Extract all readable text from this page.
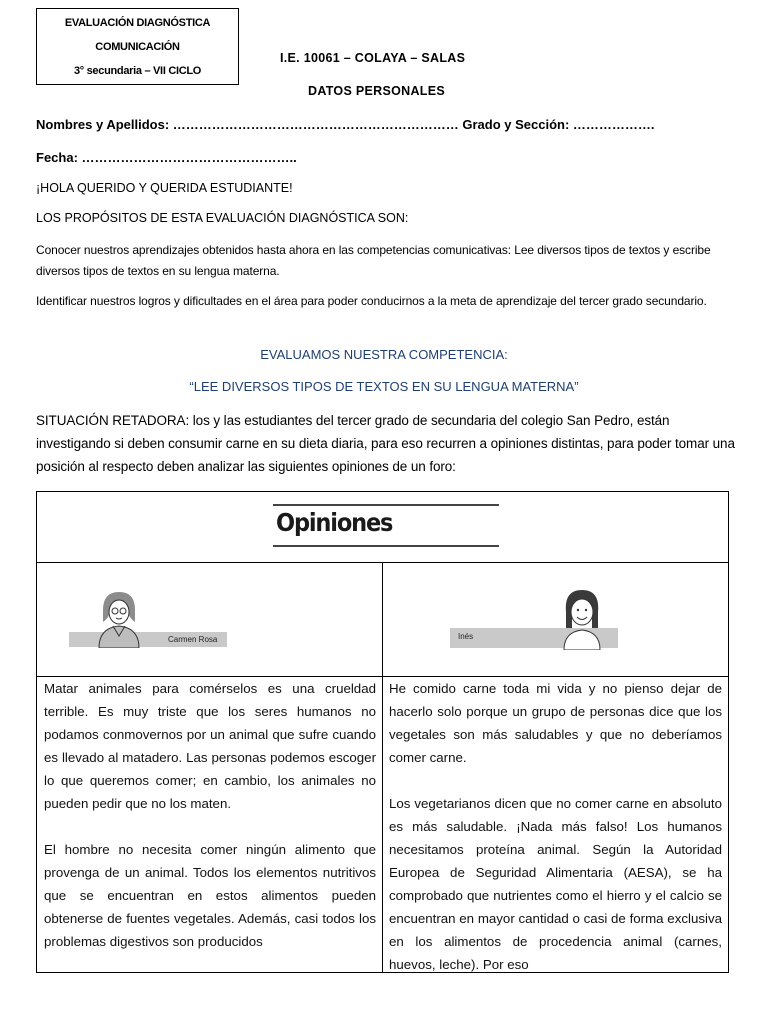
EVALUACIÓN DIAGNÓSTICA
COMUNICACIÓN
3° secundaria – VII CICLO
I.E. 10061 – COLAYA – SALAS
DATOS PERSONALES
Nombres y Apellidos: ………………………………………………………… Grado y Sección: ……………….
Fecha: …………………………………………..
¡HOLA QUERIDO Y QUERIDA ESTUDIANTE!
LOS PROPÓSITOS DE ESTA EVALUACIÓN DIAGNÓSTICA SON:
Conocer nuestros aprendizajes obtenidos hasta ahora en las competencias comunicativas: Lee diversos tipos de textos y escribe diversos tipos de textos en su lengua materna.
Identificar nuestros logros y dificultades en el área para poder conducirnos a la meta de aprendizaje del tercer grado secundario.
EVALUAMOS NUESTRA COMPETENCIA:
“LEE DIVERSOS TIPOS DE TEXTOS EN SU LENGUA MATERNA”
SITUACIÓN RETADORA: los y las estudiantes del tercer grado de secundaria del colegio San Pedro, están investigando si deben consumir carne en su dieta diaria, para eso recurren a opiniones distintas, para poder tomar una posición al respecto deben analizar las siguientes opiniones de un foro:
Opiniones
Carmen Rosa	Inés

Matar animales para comérselos es una crueldad terrible. Es muy triste que los seres humanos no podamos conmovernos por un animal que sufre cuando es llevado al matadero. Las personas podemos escoger lo que queremos comer; en cambio, los animales no pueden pedir que no los maten.

El hombre no necesita comer ningún alimento que provenga de un animal. Todos los elementos nutritivos que se encuentran en estos alimentos pueden obtenerse de fuentes vegetales. Además, casi todos los problemas digestivos son producidos

He comido carne toda mi vida y no pienso dejar de hacerlo solo porque un grupo de personas dice que los vegetales son más saludables y que no deberíamos comer carne.

Los vegetarianos dicen que no comer carne en absoluto es más saludable. ¡Nada más falso! Los humanos necesitamos proteína animal. Según la Autoridad Europea de Seguridad Alimentaria (AESA), se ha comprobado que nutrientes como el hierro y el calcio se encuentran en mayor cantidad o casi de forma exclusiva en los alimentos de procedencia animal (carnes, huevos, leche). Por eso
